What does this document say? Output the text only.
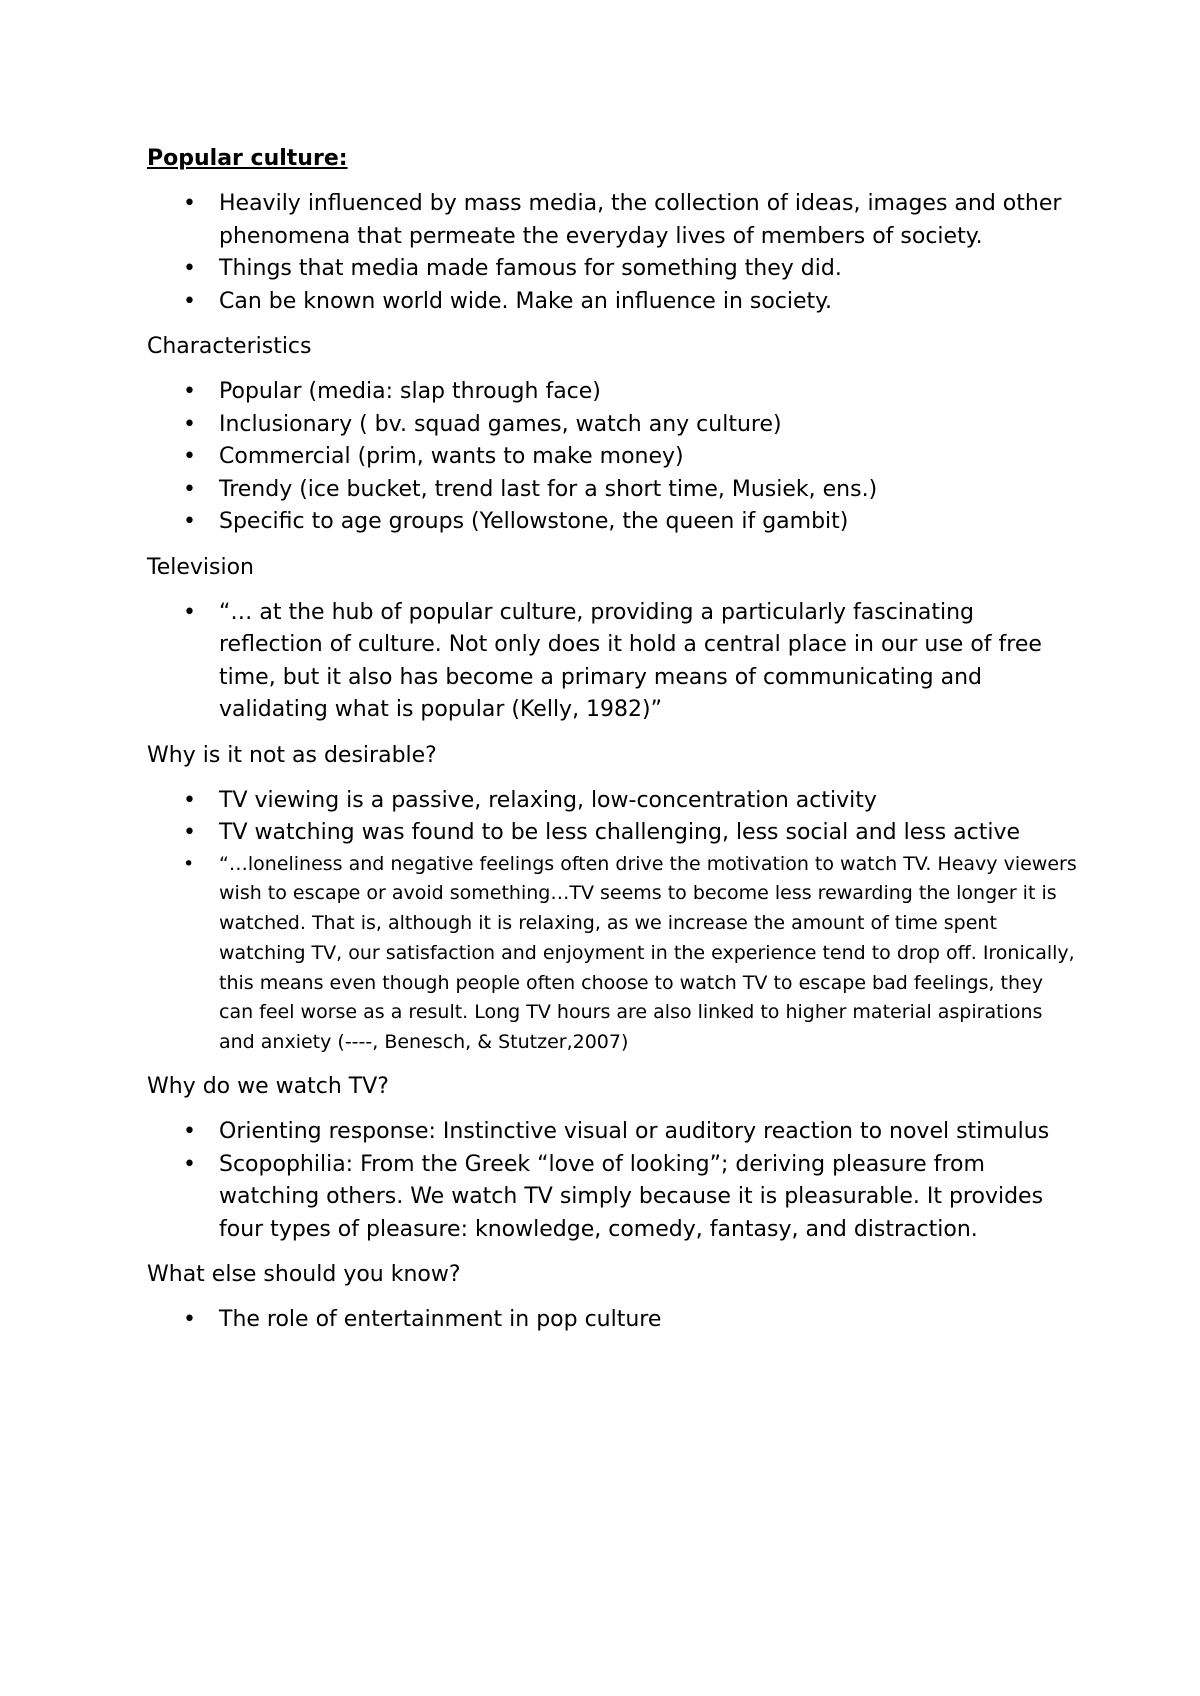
Popular culture:
• Heavily influenced by mass media, the collection of ideas, images and other phenomena that permeate the everyday lives of members of society.
• Things that media made famous for something they did.
• Can be known world wide. Make an influence in society.
Characteristics
• Popular (media: slap through face)
• Inclusionary ( bv. squad games, watch any culture)
• Commercial (prim, wants to make money)
• Trendy (ice bucket, trend last for a short time, Musiek, ens.)
• Specific to age groups (Yellowstone, the queen if gambit)
Television
• “… at the hub of popular culture, providing a particularly fascinating reflection of culture. Not only does it hold a central place in our use of free time, but it also has become a primary means of communicating and validating what is popular (Kelly, 1982)”
Why is it not as desirable?
• TV viewing is a passive, relaxing, low-concentration activity
• TV watching was found to be less challenging, less social and less active
• “…loneliness and negative feelings often drive the motivation to watch TV. Heavy viewers wish to escape or avoid something…TV seems to become less rewarding the longer it is watched. That is, although it is relaxing, as we increase the amount of time spent watching TV, our satisfaction and enjoyment in the experience tend to drop off. Ironically, this means even though people often choose to watch TV to escape bad feelings, they can feel worse as a result. Long TV hours are also linked to higher material aspirations and anxiety (----, Benesch, & Stutzer,2007)
Why do we watch TV?
• Orienting response: Instinctive visual or auditory reaction to novel stimulus
• Scopophilia: From the Greek “love of looking”; deriving pleasure from watching others. We watch TV simply because it is pleasurable. It provides four types of pleasure: knowledge, comedy, fantasy, and distraction.
What else should you know?
• The role of entertainment in pop culture
